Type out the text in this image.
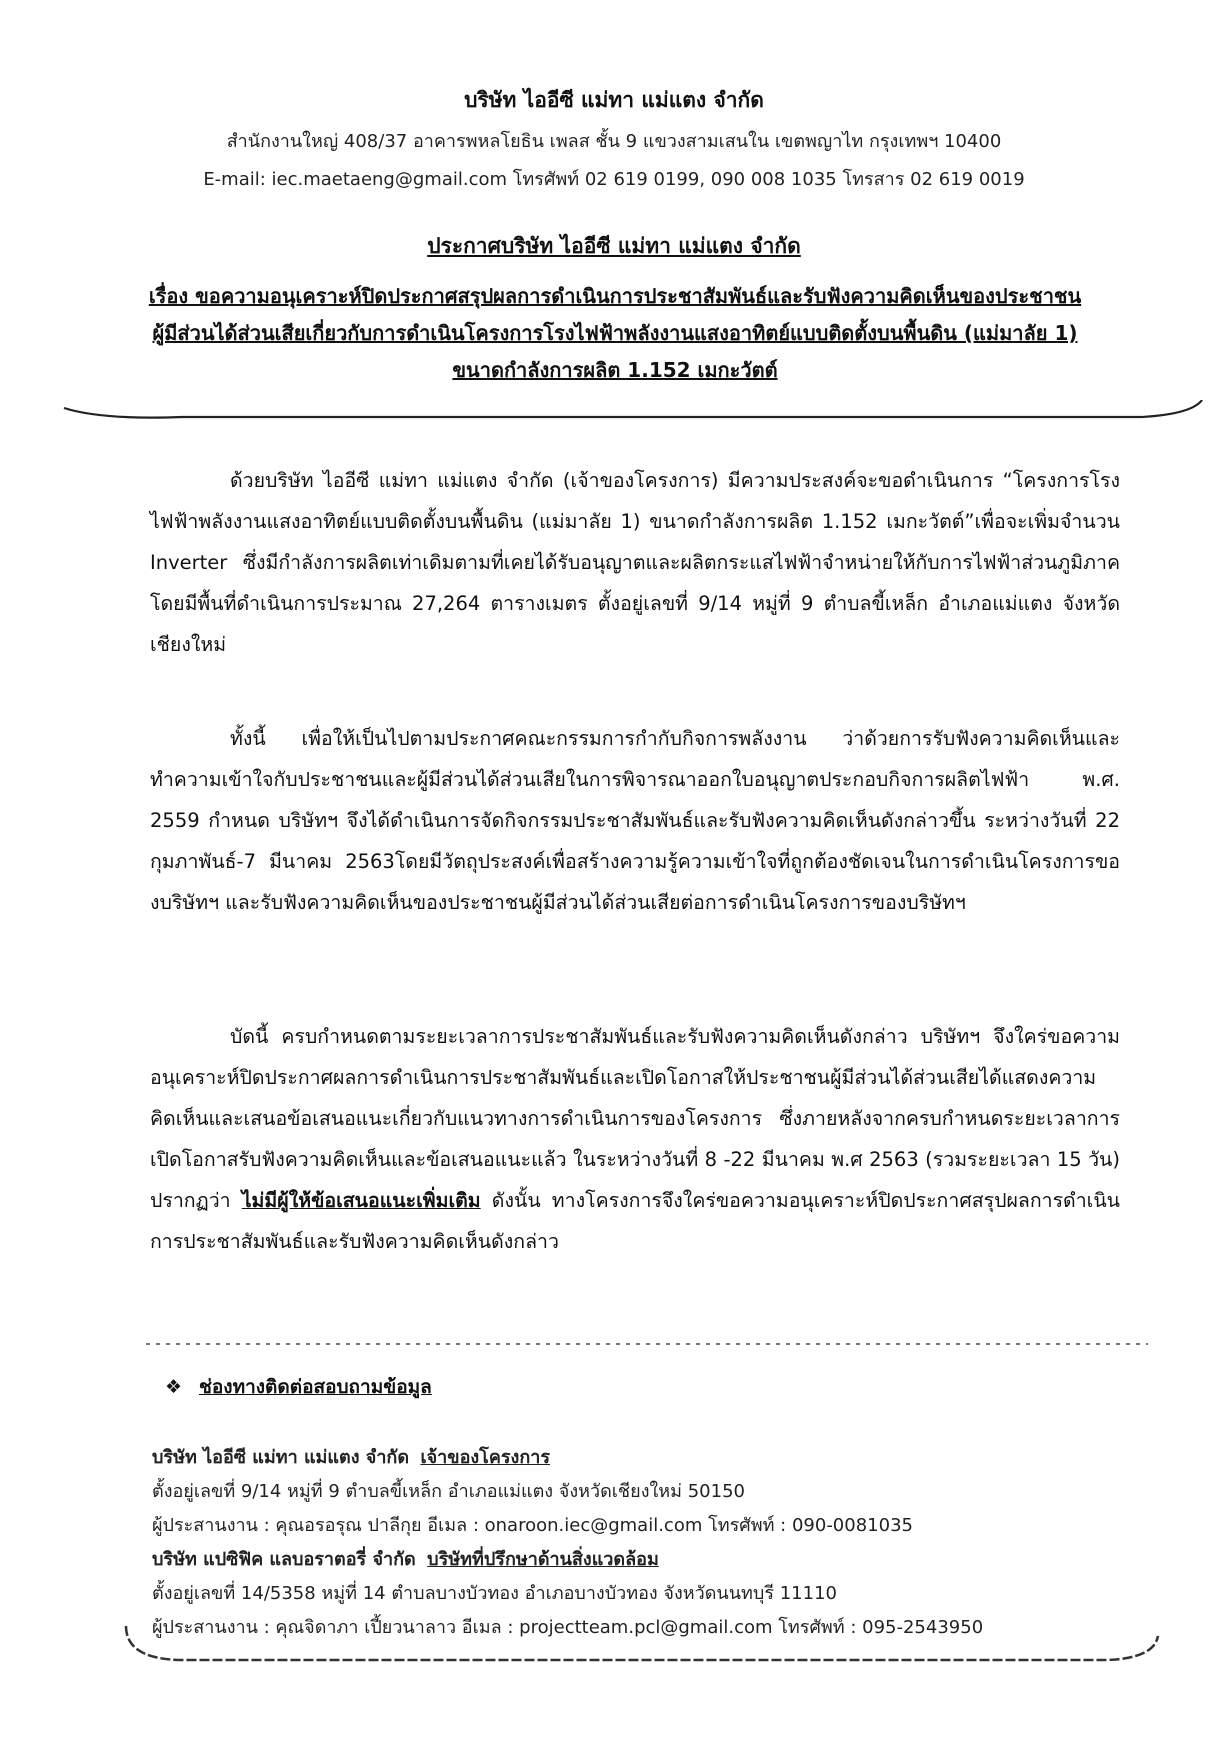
บริษัท ไออีซี แม่ทา แม่แตง จำกัด
สำนักงานใหญ่ 408/37 อาคารพหลโยธิน เพลส ชั้น 9 แขวงสามเสนใน เขตพญาไท กรุงเทพฯ 10400
E-mail: iec.maetaeng@gmail.com โทรศัพท์ 02 619 0199, 090 008 1035 โทรสาร 02 619 0019
ประกาศบริษัท ไออีซี แม่ทา แม่แตง จำกัด
เรื่อง ขอความอนุเคราะห์ปิดประกาศสรุปผลการดำเนินการประชาสัมพันธ์และรับฟังความคิดเห็นของประชาชน
ผู้มีส่วนได้ส่วนเสียเกี่ยวกับการดำเนินโครงการโรงไฟฟ้าพลังงานแสงอาทิตย์แบบติดตั้งบนพื้นดิน (แม่มาลัย 1)
ขนาดกำลังการผลิต 1.152 เมกะวัตต์

ด้วยบริษัท ไออีซี แม่ทา แม่แตง จำกัด (เจ้าของโครงการ) มีความประสงค์จะขอดำเนินการ “โครงการโรงไฟฟ้าพลังงานแสงอาทิตย์แบบติดตั้งบนพื้นดิน (แม่มาลัย 1) ขนาดกำลังการผลิต 1.152 เมกะวัตต์”เพื่อจะเพิ่มจำนวน Inverter ซึ่งมีกำลังการผลิตเท่าเดิมตามที่เคยได้รับอนุญาตและผลิตกระแสไฟฟ้าจำหน่ายให้กับการไฟฟ้าส่วนภูมิภาค โดยมีพื้นที่ดำเนินการประมาณ 27,264 ตารางเมตร ตั้งอยู่เลขที่ 9/14 หมู่ที่ 9 ตำบลขี้เหล็ก อำเภอแม่แตง จังหวัดเชียงใหม่

ทั้งนี้ เพื่อให้เป็นไปตามประกาศคณะกรรมการกำกับกิจการพลังงาน ว่าด้วยการรับฟังความคิดเห็นและทำความเข้าใจกับประชาชนและผู้มีส่วนได้ส่วนเสียในการพิจารณาออกใบอนุญาตประกอบกิจการผลิตไฟฟ้า พ.ศ. 2559 กำหนด บริษัทฯ จึงได้ดำเนินการจัดกิจกรรมประชาสัมพันธ์และรับฟังความคิดเห็นดังกล่าวขึ้น ระหว่างวันที่ 22 กุมภาพันธ์-7 มีนาคม 2563โดยมีวัตถุประสงค์เพื่อสร้างความรู้ความเข้าใจที่ถูกต้องชัดเจนในการดำเนินโครงการของบริษัทฯ และรับฟังความคิดเห็นของประชาชนผู้มีส่วนได้ส่วนเสียต่อการดำเนินโครงการของบริษัทฯ

บัดนี้ ครบกำหนดตามระยะเวลาการประชาสัมพันธ์และรับฟังความคิดเห็นดังกล่าว บริษัทฯ จึงใคร่ขอความอนุเคราะห์ปิดประกาศผลการดำเนินการประชาสัมพันธ์และเปิดโอกาสให้ประชาชนผู้มีส่วนได้ส่วนเสียได้แสดงความคิดเห็นและเสนอข้อเสนอแนะเกี่ยวกับแนวทางการดำเนินการของโครงการ ซึ่งภายหลังจากครบกำหนดระยะเวลาการเปิดโอกาสรับฟังความคิดเห็นและข้อเสนอแนะแล้ว ในระหว่างวันที่ 8 -22 มีนาคม พ.ศ 2563 (รวมระยะเวลา 15 วัน) ปรากฏว่า ไม่มีผู้ให้ข้อเสนอแนะเพิ่มเติม ดังนั้น ทางโครงการจึงใคร่ขอความอนุเคราะห์ปิดประกาศสรุปผลการดำเนินการประชาสัมพันธ์และรับฟังความคิดเห็นดังกล่าว

❖ ช่องทางติดต่อสอบถามข้อมูล
บริษัท ไออีซี แม่ทา แม่แตง จำกัด เจ้าของโครงการ
ตั้งอยู่เลขที่ 9/14 หมู่ที่ 9 ตำบลขี้เหล็ก อำเภอแม่แตง จังหวัดเชียงใหม่ 50150
ผู้ประสานงาน : คุณอรอรุณ ปาลีกุย อีเมล : onaroon.iec@gmail.com โทรศัพท์ : 090-0081035
บริษัท แปซิฟิค แลบอราตอรี่ จำกัด บริษัทที่ปรึกษาด้านสิ่งแวดล้อม
ตั้งอยู่เลขที่ 14/5358 หมู่ที่ 14 ตำบลบางบัวทอง อำเภอบางบัวทอง จังหวัดนนทบุรี 11110
ผู้ประสานงาน : คุณจิดาภา เปี้ยวนาลาว อีเมล : projectteam.pcl@gmail.com โทรศัพท์ : 095-2543950
